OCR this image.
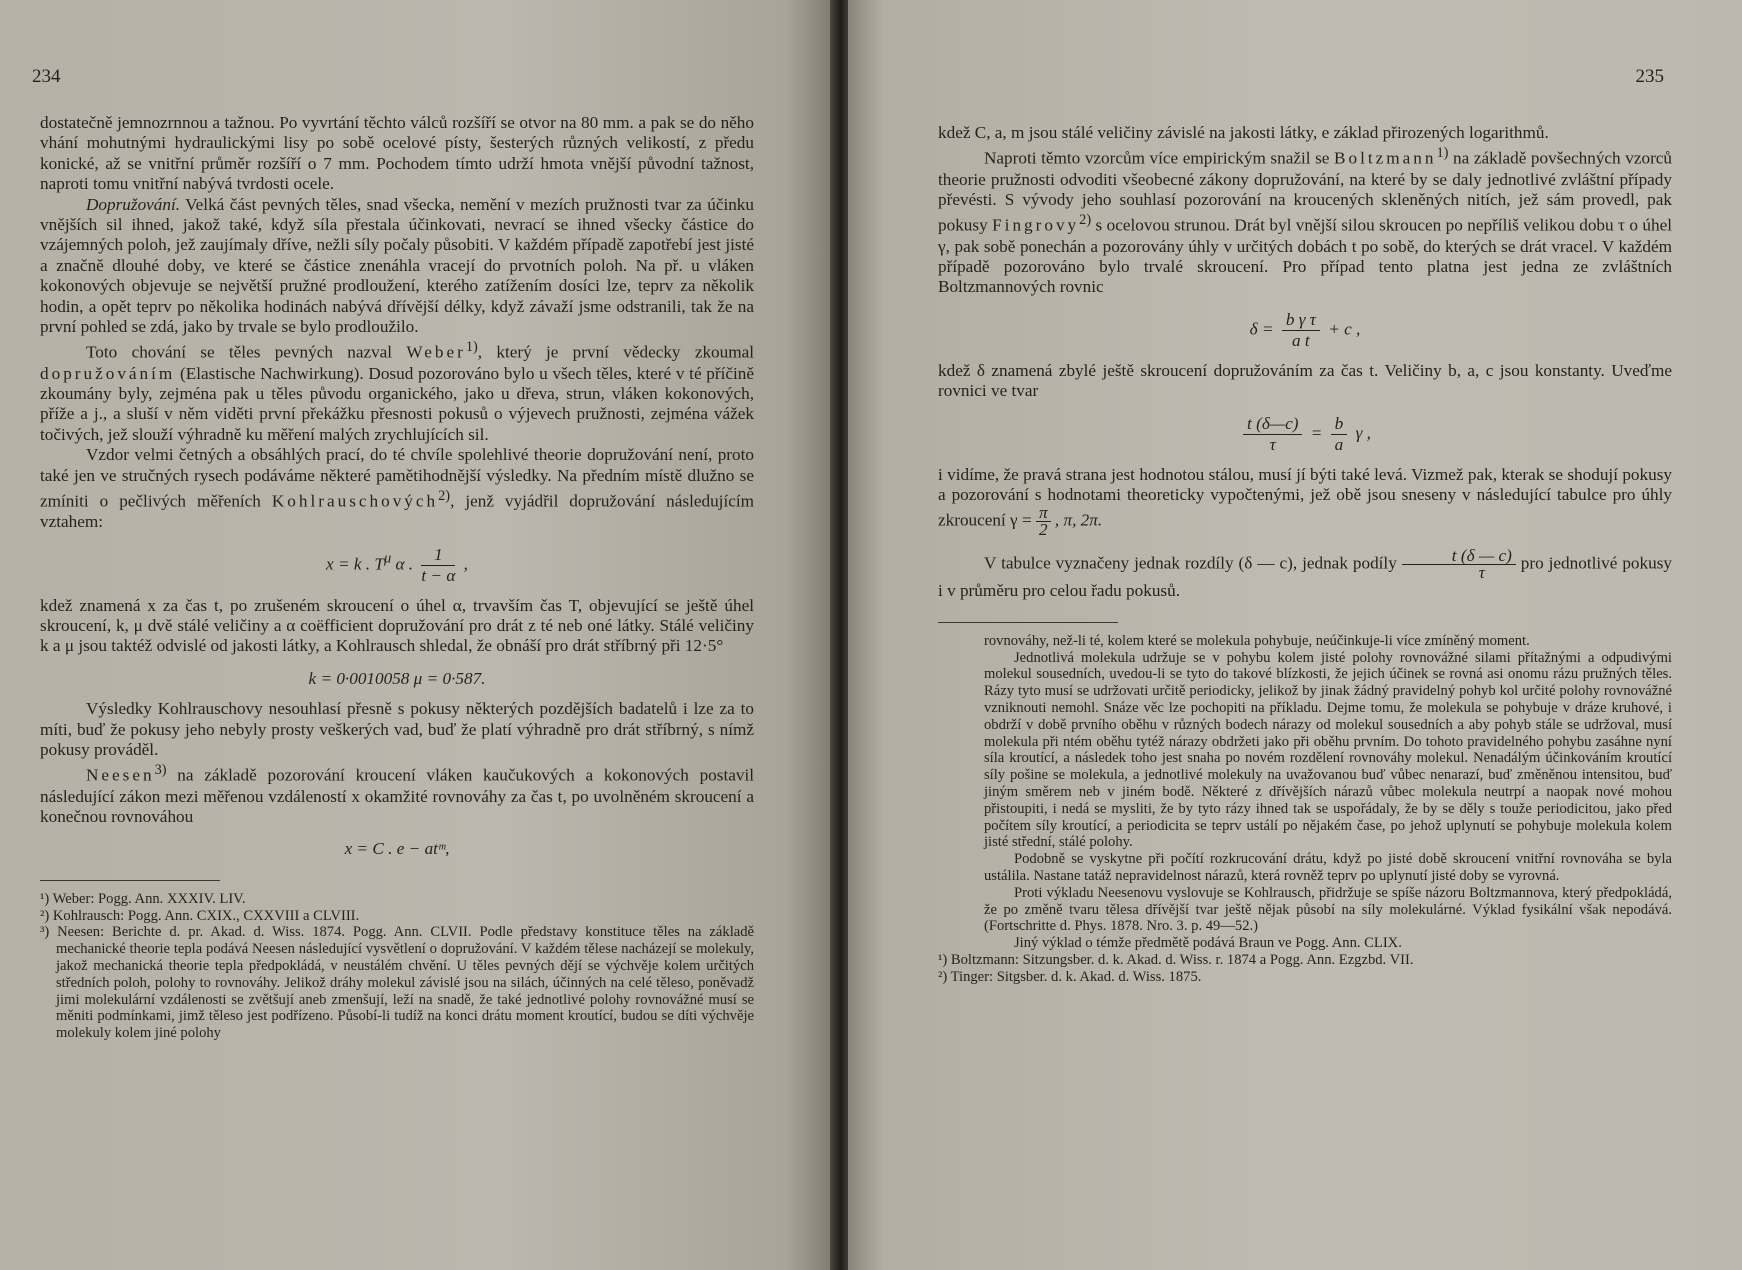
234

dostatečně jemnozrnnou a tažnou. Po vyvrtání těchto válců rozšíří se otvor na 80 mm. a pak se do něho vhání mohutnými hydraulickými lisy po sobě ocelové písty, šesterých různých velikostí, z předu konické, až se vnitřní průměr rozšíří o 7 mm. Pochodem tímto udrží hmota vnější původní tažnost, naproti tomu vnitřní nabývá tvrdosti ocele.

Dopružování. Velká část pevných těles, snad všecka, nemění v mezích pružnosti tvar za účinku vnějších sil ihned, jakož také, když síla přestala účinkovati, nevrací se ihned všecky částice do vzájemných poloh, jež zaujímaly dříve, nežli síly počaly působiti. V každém případě zapotřebí jest jisté a značně dlouhé doby, ve které se částice znenáhla vracejí do prvotních poloh. Na př. u vláken kokonových objevuje se největší pružné prodloužení, kterého zatížením dosíci lze, teprv za několik hodin, a opět teprv po několika hodinách nabývá dřívější délky, když závaží jsme odstranili, tak že na první pohled se zdá, jako by trvale se bylo prodloužilo.

Toto chování se těles pevných nazval Weber$^{1)}$, který je první vědecky zkoumal dopružováním (Elastische Nachwirkung). Dosud pozorováno bylo u všech těles, které v té příčině zkoumány byly, zejména pak u těles původu organického, jako u dřeva, strun, vláken kokonových, příže a j., a sluší v něm viděti první překážku přesnosti pokusů o výjevech pružnosti, zejména vážek točivých, jež slouží výhradně ku měření malých zrychlujících sil.

Vzdor velmi četných a obsáhlých prací, do té chvíle spolehlivé theorie dopružování není, proto také jen ve stručných rysech podáváme některé pamětihodnější výsledky. Na předním místě dlužno se zmíniti o pečlivých měřeních Kohlrauschových$^{2)}$, jenž vyjádřil dopružování následujícím vztahem:

x = k . $T^\mu$ α . $\frac{1}{t - \alpha}$ ,

kdež znamená x za čas t, po zrušeném skroucení o úhel α, trvavším čas T, objevující se ještě úhel skroucení, k, μ dvě stálé veličiny a α coëfficient dopružování pro drát z té neb oné látky. Stálé veličiny k a μ jsou taktéž odvislé od jakosti látky, a Kohlrausch shledal, že obnáší pro drát stříbrný při 12·5°

k = 0·0010058 μ = 0·587.

Výsledky Kohlrauschovy nesouhlasí přesně s pokusy některých pozdějších badatelů i lze za to míti, buď že pokusy jeho nebyly prosty veškerých vad, buď že platí výhradně pro drát stříbrný, s nímž pokusy prováděl.

Neesen$^{3)}$ na základě pozorování kroucení vláken kaučukových a kokonových postavil následující zákon mezi měřenou vzdáleností x okamžité rovnováhy za čas t, po uvolněném skroucení a konečnou rovnováhou

x = C . e − atᵐ,

¹) Weber: Pogg. Ann. XXXIV. LIV.

²) Kohlrausch: Pogg. Ann. CXIX., CXXVIII a CLVIII.

³) Neesen: Berichte d. pr. Akad. d. Wiss. 1874. Pogg. Ann. CLVII. Podle představy konstituce těles na základě mechanické theorie tepla podává Neesen následující vysvětlení o dopružování. V každém tělese nacházejí se molekuly, jakož mechanická theorie tepla předpokládá, v neustálém chvění. U těles pevných dějí se výchvěje kolem určitých středních poloh, polohy to rovnováhy. Jelikož dráhy molekul závislé jsou na silách, účinných na celé těleso, poněvadž jimi molekulární vzdálenosti se zvětšují aneb zmenšují, leží na snadě, že také jednotlivé polohy rovnovážné musí se měniti podmínkami, jimž těleso jest podřízeno. Působí-li tudíž na konci drátu moment kroutící, budou se díti výchvěje molekuly kolem jiné polohy

235

kdež C, a, m jsou stálé veličiny závislé na jakosti látky, e základ přirozených logarithmů.

Naproti těmto vzorcům více empirickým snažil se Boltzmann$^{1)}$ na základě povšechných vzorců theorie pružnosti odvoditi všeobecné zákony dopružování, na které by se daly jednotlivé zvláštní případy převésti. S vývody jeho souhlasí pozorování na kroucených skleněných nitích, jež sám provedl, pak pokusy Fingrovy$^{2)}$ s ocelovou strunou. Drát byl vnější silou skroucen po nepříliš velikou dobu τ o úhel γ, pak sobě ponechán a pozorovány úhly v určitých dobách t po sobě, do kterých se drát vracel. V každém případě pozorováno bylo trvalé skroucení. Pro případ tento platna jest jedna ze zvláštních Boltzmannových rovnic

$\delta = \frac{\text{b γ τ}}{\text{a t}} + c$ ,

kdež δ znamená zbylé ještě skroucení dopružováním za čas t. Veličiny b, a, c jsou konstanty. Uveďme rovnici ve tvar

$\frac{t (\delta—c)}{\tau} = \frac{b}{a}$ γ ,

i vidíme, že pravá strana jest hodnotou stálou, musí jí býti také levá. Vizmež pak, kterak se shodují pokusy a pozorování s hodnotami theoreticky vypočtenými, jež obě jsou sneseny v následující tabulce pro úhly zkroucení $\gamma = \frac{\pi}{2}$ , π, 2π.

V tabulce vyznačeny jednak rozdíly (δ — c), jednak podíly $\frac{t (\delta — c)}{\tau}$ pro jednotlivé pokusy i v průměru pro celou řadu pokusů.

rovnováhy, než-li té, kolem které se molekula pohybuje, neúčinkuje-li více zmíněný moment.

Jednotlivá molekula udržuje se v pohybu kolem jisté polohy rovnovážné silami přítažnými a odpudivými molekul sousedních, uvedou-li se tyto do takové blízkosti, že jejich účinek se rovná asi onomu rázu pružných těles. Rázy tyto musí se udržovati určitě periodicky, jelikož by jinak žádný pravidelný pohyb kol určité polohy rovnovážné vzniknouti nemohl. Snáze věc lze pochopiti na příkladu. Dejme tomu, že molekula se pohybuje v dráze kruhové, i obdrží v době prvního oběhu v různých bodech nárazy od molekul sousedních a aby pohyb stále se udržoval, musí molekula při ntém oběhu tytéž nárazy obdržeti jako při oběhu prvním. Do tohoto pravidelného pohybu zasáhne nyní síla kroutící, a následek toho jest snaha po novém rozdělení rovnováhy molekul. Nenadálým účinkováním kroutící síly pošine se molekula, a jednotlivé molekuly na uvažovanou buď vůbec nenarazí, buď změněnou intensitou, buď jiným směrem neb v jiném bodě. Některé z dřívějších nárazů vůbec molekula neutrpí a naopak nové mohou přistoupiti, i nedá se mysliti, že by tyto rázy ihned tak se uspořádaly, že by se děly s touže periodicitou, jako před počítem síly kroutící, a periodicita se teprv ustálí po nějakém čase, po jehož uplynutí se pohybuje molekula kolem jisté střední, stálé polohy.

Podobně se vyskytne při počítí rozkrucování drátu, když po jisté době skroucení vnitřní rovnováha se byla ustálila. Nastane tatáž nepravidelnost nárazů, která rovněž teprv po uplynutí jisté doby se vyrovná.

Proti výkladu Neesenovu vyslovuje se Kohlrausch, přidržuje se spíše názoru Boltzmannova, který předpokládá, že po změně tvaru tělesa dřívější tvar ještě nějak působí na síly molekulárné. Výklad fysikální však nepodává. (Fortschritte d. Phys. 1878. Nro. 3. p. 49—52.)

Jiný výklad o témže předmětě podává Braun ve Pogg. Ann. CLIX.

¹) Boltzmann: Sitzungsber. d. k. Akad. d. Wiss. r. 1874 a Pogg. Ann. Ezgzbd. VII.

²) Tinger: Sitgsber. d. k. Akad. d. Wiss. 1875.
